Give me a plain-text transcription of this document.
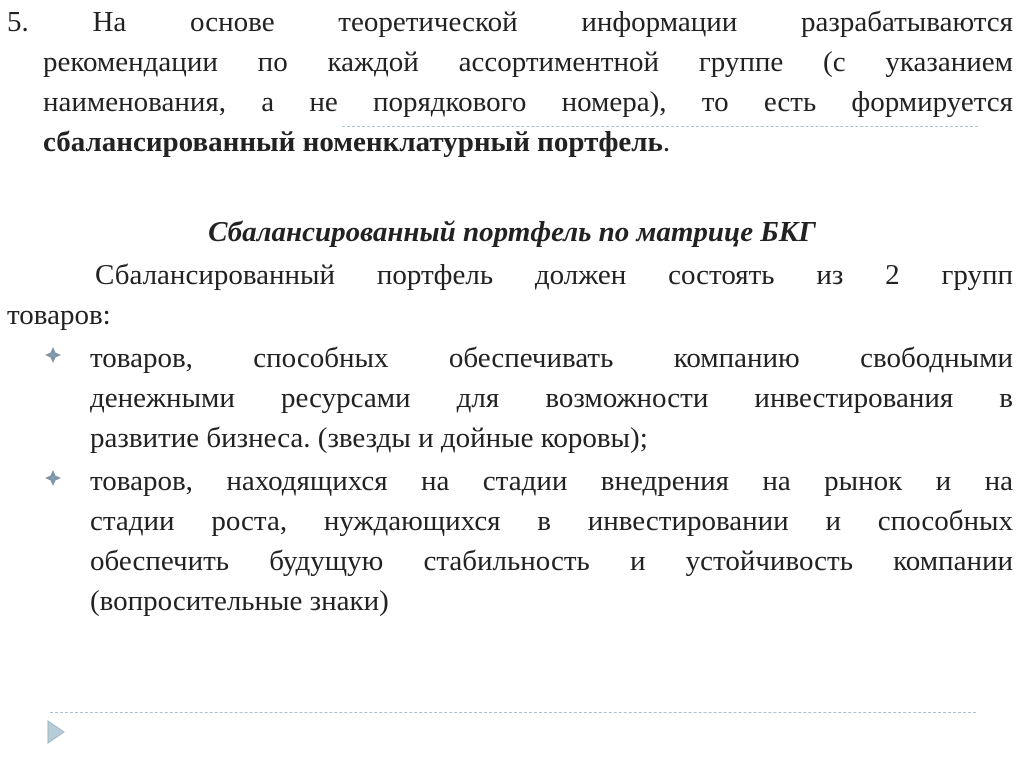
5. На основе теоретической информации разрабатываются
рекомендации по каждой ассортиментной группе (с указанием
наименования, а не порядкового номера), то есть формируется
сбалансированный номенклатурный портфель.
Сбалансированный портфель по матрице БКГ
Сбалансированный портфель должен состоять из 2 групп
товаров:
товаров, способных обеспечивать компанию свободными
денежными ресурсами для возможности инвестирования в
развитие бизнеса. (звезды и дойные коровы);
товаров, находящихся на стадии внедрения на рынок и на
стадии роста, нуждающихся в инвестировании и способных
обеспечить будущую стабильность и устойчивость компании
(вопросительные знаки)
